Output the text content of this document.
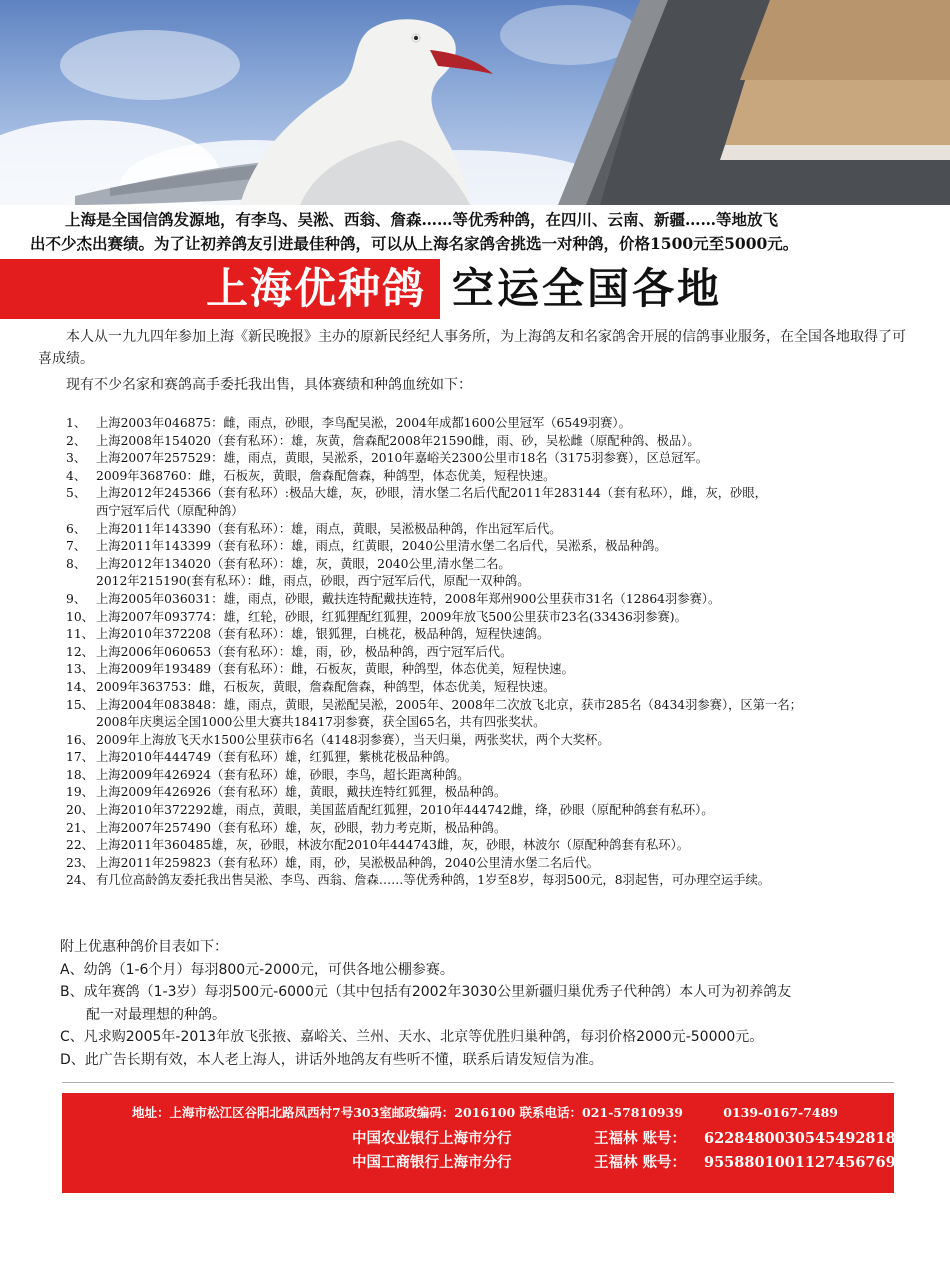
上海是全国信鸽发源地，有李鸟、吴淞、西翁、詹森……等优秀种鸽，在四川、云南、新疆……等地放飞

出不少杰出赛绩。为了让初养鸽友引进最佳种鸽，可以从上海名家鸽舍挑选一对种鸽，价格1500元至5000元。

上海优种鸽 空运全国各地

本人从一九九四年参加上海《新民晚报》主办的原新民经纪人事务所，为上海鸽友和名家鸽舍开展的信鸽事业服务，在全国各地取得了可喜成绩。

现有不少名家和赛鸽高手委托我出售，具体赛绩和种鸽血统如下：

1、 上海2003年046875：雌，雨点，砂眼，李鸟配吴淞，2004年成都1600公里冠军（6549羽赛）。
2、 上海2008年154020（套有私环）：雄，灰黄，詹森配2008年21590雌，雨、砂，吴松雌（原配种鸽、极品）。
3、 上海2007年257529：雄，雨点，黄眼，吴淞系，2010年嘉峪关2300公里市18名（3175羽参赛），区总冠军。
4、 2009年368760：雌，石板灰，黄眼，詹森配詹森，种鸽型，体态优美，短程快速。
5、 上海2012年245366（套有私环）:极品大雄，灰，砂眼，清水堡二名后代配2011年283144（套有私环），雌，灰，砂眼，
西宁冠军后代（原配种鸽）
6、 上海2011年143390（套有私环）：雄，雨点，黄眼，吴淞极品种鸽，作出冠军后代。
7、 上海2011年143399（套有私环）：雄，雨点，红黄眼，2040公里清水堡二名后代，吴淞系，极品种鸽。
8、 上海2012年134020（套有私环）：雄，灰，黄眼，2040公里,清水堡二名。
2012年215190(套有私环）：雌，雨点，砂眼，西宁冠军后代，原配一双种鸽。
9、 上海2005年036031：雄，雨点，砂眼，戴扶连特配戴扶连特，2008年郑州900公里获市31名（12864羽参赛）。
10、 上海2007年093774：雄，红轮，砂眼，红狐狸配红狐狸，2009年放飞500公里获市23名(33436羽参赛)。
11、 上海2010年372208（套有私环）：雄，银狐狸，白桃花，极品种鸽，短程快速鸽。
12、 上海2006年060653（套有私环）：雄，雨，砂，极品种鸽，西宁冠军后代。
13、 上海2009年193489（套有私环）：雌，石板灰，黄眼，种鸽型，体态优美，短程快速。
14、 2009年363753：雌，石板灰，黄眼，詹森配詹森，种鸽型，体态优美，短程快速。
15、 上海2004年083848：雄，雨点，黄眼，吴淞配吴淞，2005年、2008年二次放飞北京，获市285名（8434羽参赛），区第一名；
2008年庆奥运全国1000公里大赛共18417羽参赛，获全国65名，共有四张奖状。
16、 2009年上海放飞天水1500公里获市6名（4148羽参赛），当天归巢，两张奖状，两个大奖杯。
17、 上海2010年444749（套有私环）雄，红狐狸，紫桃花极品种鸽。
18、 上海2009年426924（套有私环）雄，砂眼，李鸟，超长距离种鸽。
19、 上海2009年426926（套有私环）雄，黄眼，戴扶连特红狐狸，极品种鸽。
20、 上海2010年372292雄，雨点，黄眼，美国蓝盾配红狐狸，2010年444742雌，绛，砂眼（原配种鸽套有私环）。
21、 上海2007年257490（套有私环）雄，灰，砂眼，勃力考克斯，极品种鸽。
22、 上海2011年360485雄，灰，砂眼，林波尔配2010年444743雌，灰，砂眼，林波尔（原配种鸽套有私环）。
23、 上海2011年259823（套有私环）雄，雨，砂，吴淞极品种鸽，2040公里清水堡二名后代。
24、 有几位高龄鸽友委托我出售吴淞、李鸟、西翁、詹森……等优秀种鸽，1岁至8岁，每羽500元，8羽起售，可办理空运手续。

附上优惠种鸽价目表如下：

A、幼鸽（1-6个月）每羽800元-2000元，可供各地公棚参赛。

B、成年赛鸽（1-3岁）每羽500元-6000元（其中包括有2002年3030公里新疆归巢优秀子代种鸽）本人可为初养鸽友

配一对最理想的种鸽。

C、凡求购2005年-2013年放飞张掖、嘉峪关、兰州、天水、北京等优胜归巢种鸽，每羽价格2000元-50000元。

D、此广告长期有效，本人老上海人，讲话外地鸽友有些听不懂，联系后请发短信为准。

地址：上海市松江区谷阳北路凤西村7号303室邮政编码：2016100 联系电话：021-57810939	0139-0167-7489
中国农业银行上海市分行	王福林 账号： 6228480030545492818
中国工商银行上海市分行	王福林 账号： 9558801001127456769
